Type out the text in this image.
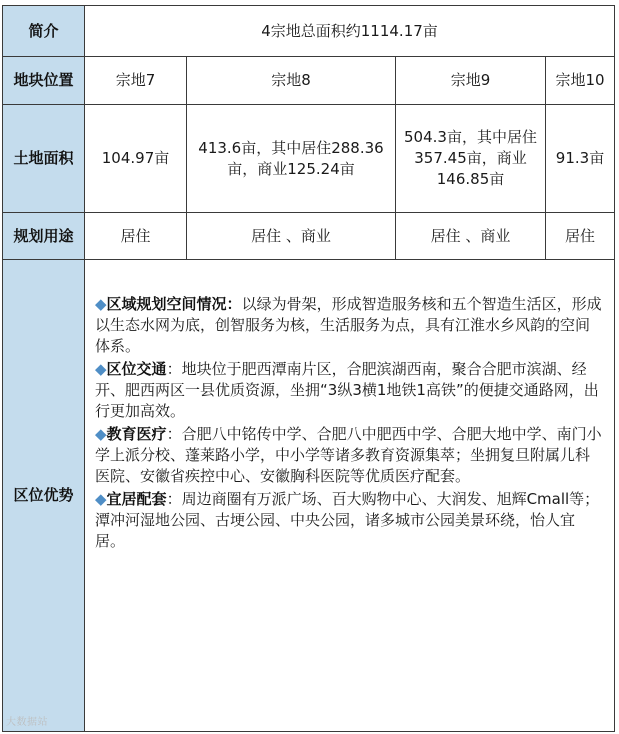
简介	4宗地总面积约1114.17亩			
地块位置	宗地7	宗地8	宗地9	宗地10
土地面积	104.97亩	413.6亩，其中居住288.36亩，商业125.24亩	504.3亩，其中居住357.45亩，商业146.85亩	91.3亩
规划用途	居住	居住 、商业	居住 、商业	居住
区位优势	◆区域规划空间情况：以绿为骨架，形成智造服务核和五个智造生活区，形成以生态水网为底，创智服务为核，生活服务为点，具有江淮水乡风韵的空间体系。
◆区位交通：地块位于肥西潭南片区，合肥滨湖西南，聚合合肥市滨湖、经开、肥西两区一县优质资源，坐拥“3纵3横1地铁1高铁”的便捷交通路网，出行更加高效。
◆教育医疗：合肥八中铭传中学、合肥八中肥西中学、合肥大地中学、南门小学上派分校、蓬莱路小学，中小学等诸多教育资源集萃；坐拥复旦附属儿科医院、安徽省疾控中心、安徽胸科医院等优质医疗配套。
◆宜居配套：周边商圈有万派广场、百大购物中心、大润发、旭辉Cmall等；潭冲河湿地公园、古埂公园、中央公园，诸多城市公园美景环绕，怡人宜居。			
大数据站
